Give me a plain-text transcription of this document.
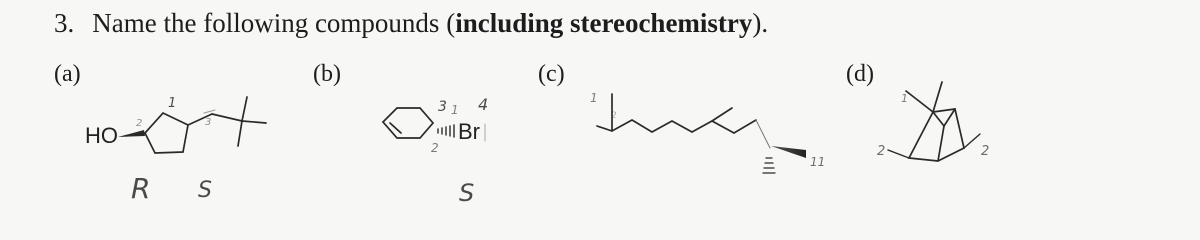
3. Name the following compounds (including stereochemistry).
(a)	(b)	(c)	(d)
HO
R S
1
2	3	Br
S
1
2
3 4	1
2
11
1
2	2
